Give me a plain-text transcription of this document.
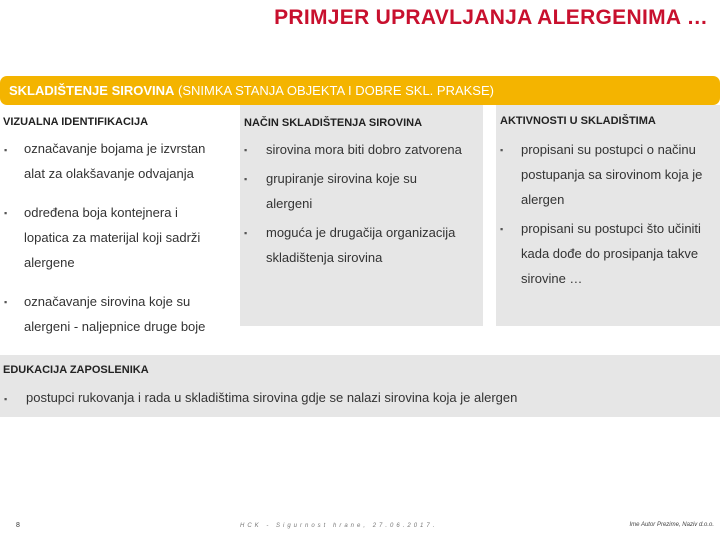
PRIMJER UPRAVLJANJA ALERGENIMA …
SKLADIŠTENJE SIROVINA (SNIMKA STANJA OBJEKTA I DOBRE SKL. PRAKSE)
VIZUALNA IDENTIFIKACIJA
▪ označavanje bojama je izvrstan
alat za olakšavanje odvajanja
▪ određena boja kontejnera i
lopatica za materijal koji sadrži
alergene
▪ označavanje sirovina koje su
alergeni - naljepnice druge boje
NAČIN SKLADIŠTENJA SIROVINA
▪ sirovina mora biti dobro zatvorena
▪ grupiranje sirovina koje su
alergeni
▪ moguća je drugačija organizacija
skladištenja sirovina
AKTIVNOSTI U SKLADIŠTIMA
▪ propisani su postupci o načinu
postupanja sa sirovinom koja je
alergen
▪ propisani su postupci što učiniti
kada dođe do prosipanja takve
sirovine …
EDUKACIJA ZAPOSLENIKA
▪ postupci rukovanja i rada u skladištima sirovina gdje se nalazi sirovina koja je alergen
8	HCK - Sigurnost hrane, 27.06.2017.	Ime Autor Prezime, Naziv d.o.o.
